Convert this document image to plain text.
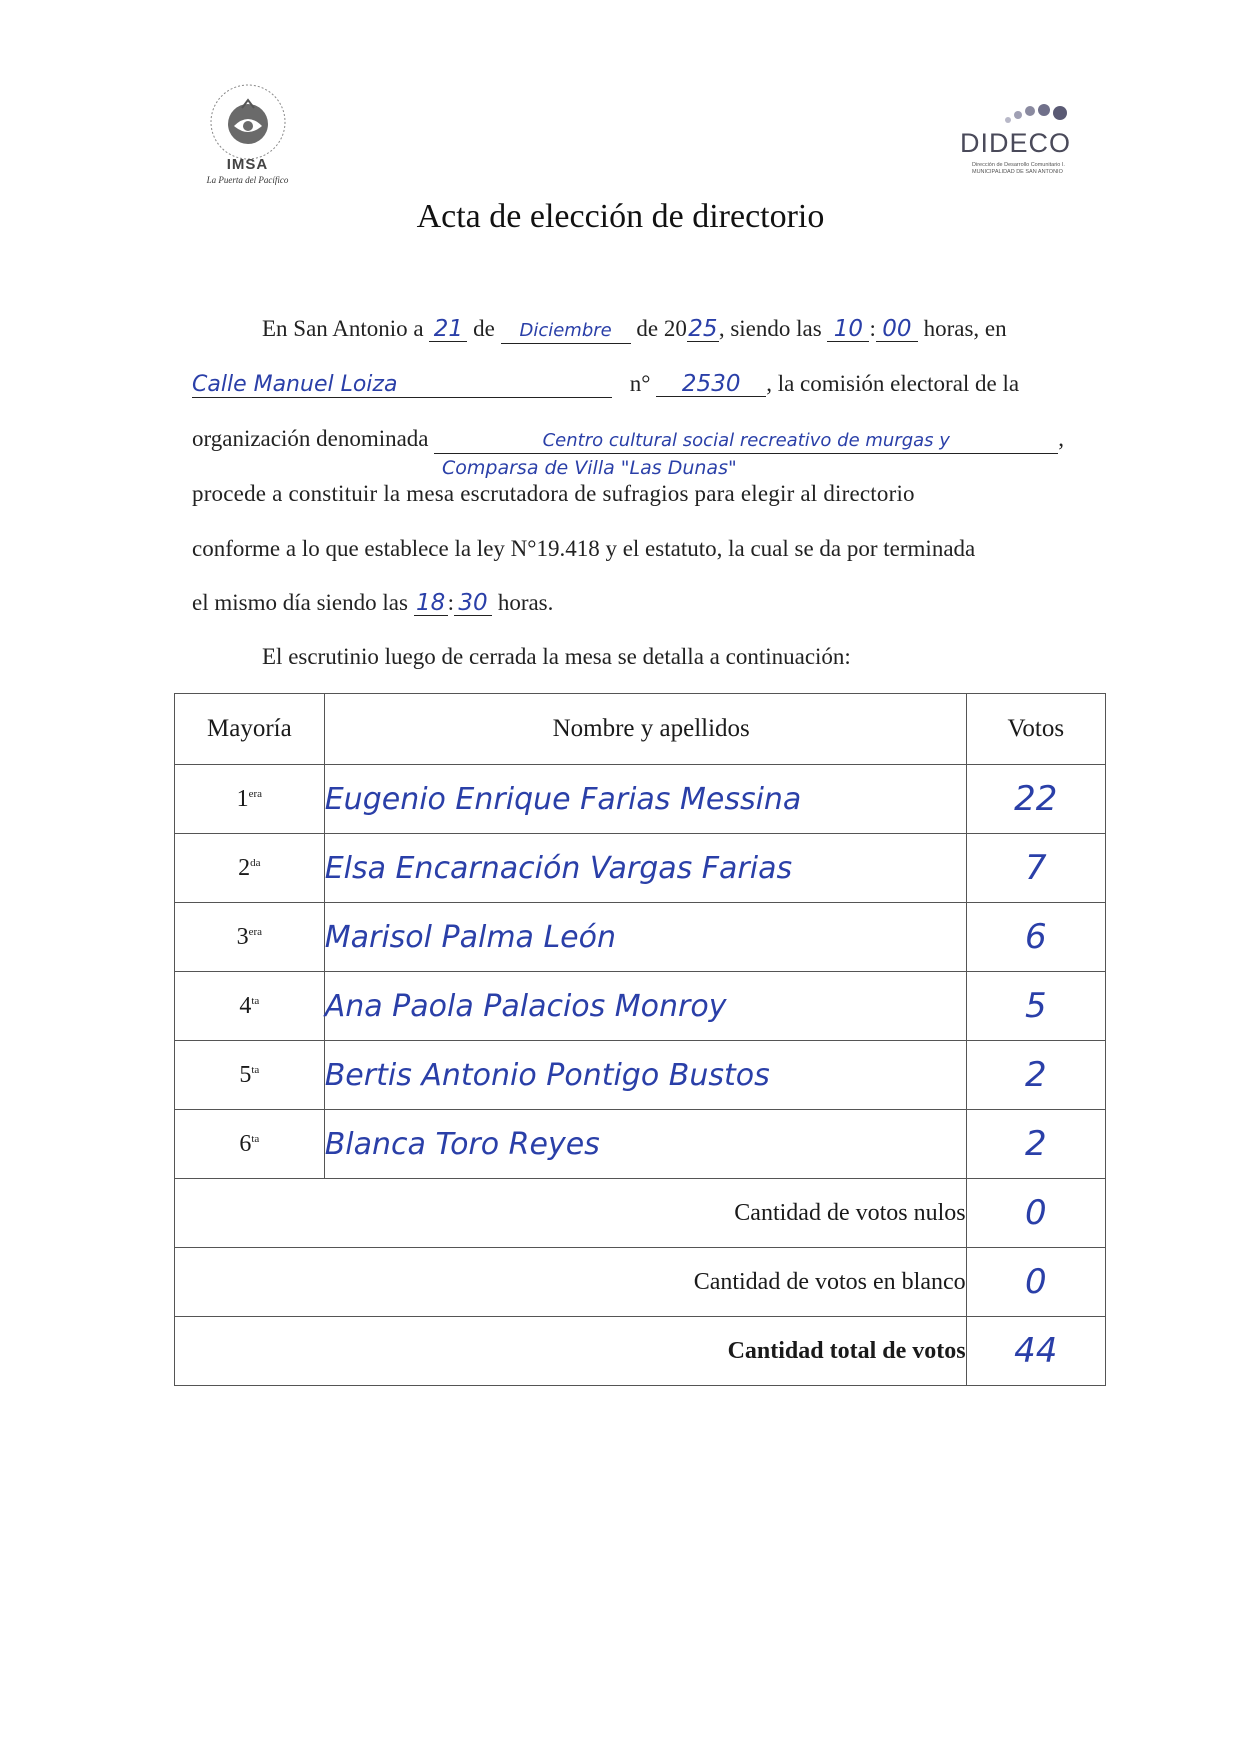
IMSA
La Puerta del Pacífico
DIDECO
Dirección de Desarrollo Comunitario I. MUNICIPALIDAD DE SAN ANTONIO
Acta de elección de directorio
En San Antonio a 21 de Diciembre de 2025, siendo las 10 : 00 horas, en
Calle Manuel Loiza	n° 2530 , la comisión electoral de la
organización denominada	Centro cultural social recreativo de murgas y	,
Comparsa de Villa "Las Dunas"
procede a constituir la mesa escrutadora de sufragios para elegir al directorio
conforme a lo que establece la ley N°19.418 y el estatuto, la cual se da por terminada
el mismo día siendo las 18 : 30 horas.
El escrutinio luego de cerrada la mesa se detalla a continuación:
Mayoría	Nombre y apellidos	Votos
$1^{era}$	Eugenio Enrique Farias Messina	22
$2^{da}$	Elsa Encarnación Vargas Farias	7
$3^{era}$	Marisol Palma León	6
$4^{ta}$	Ana Paola Palacios Monroy	5
$5^{ta}$	Bertis Antonio Pontigo Bustos	2
$6^{ta}$	Blanca Toro Reyes	2
Cantidad de votos nulos		0
Cantidad de votos en blanco		0
Cantidad total de votos		44
